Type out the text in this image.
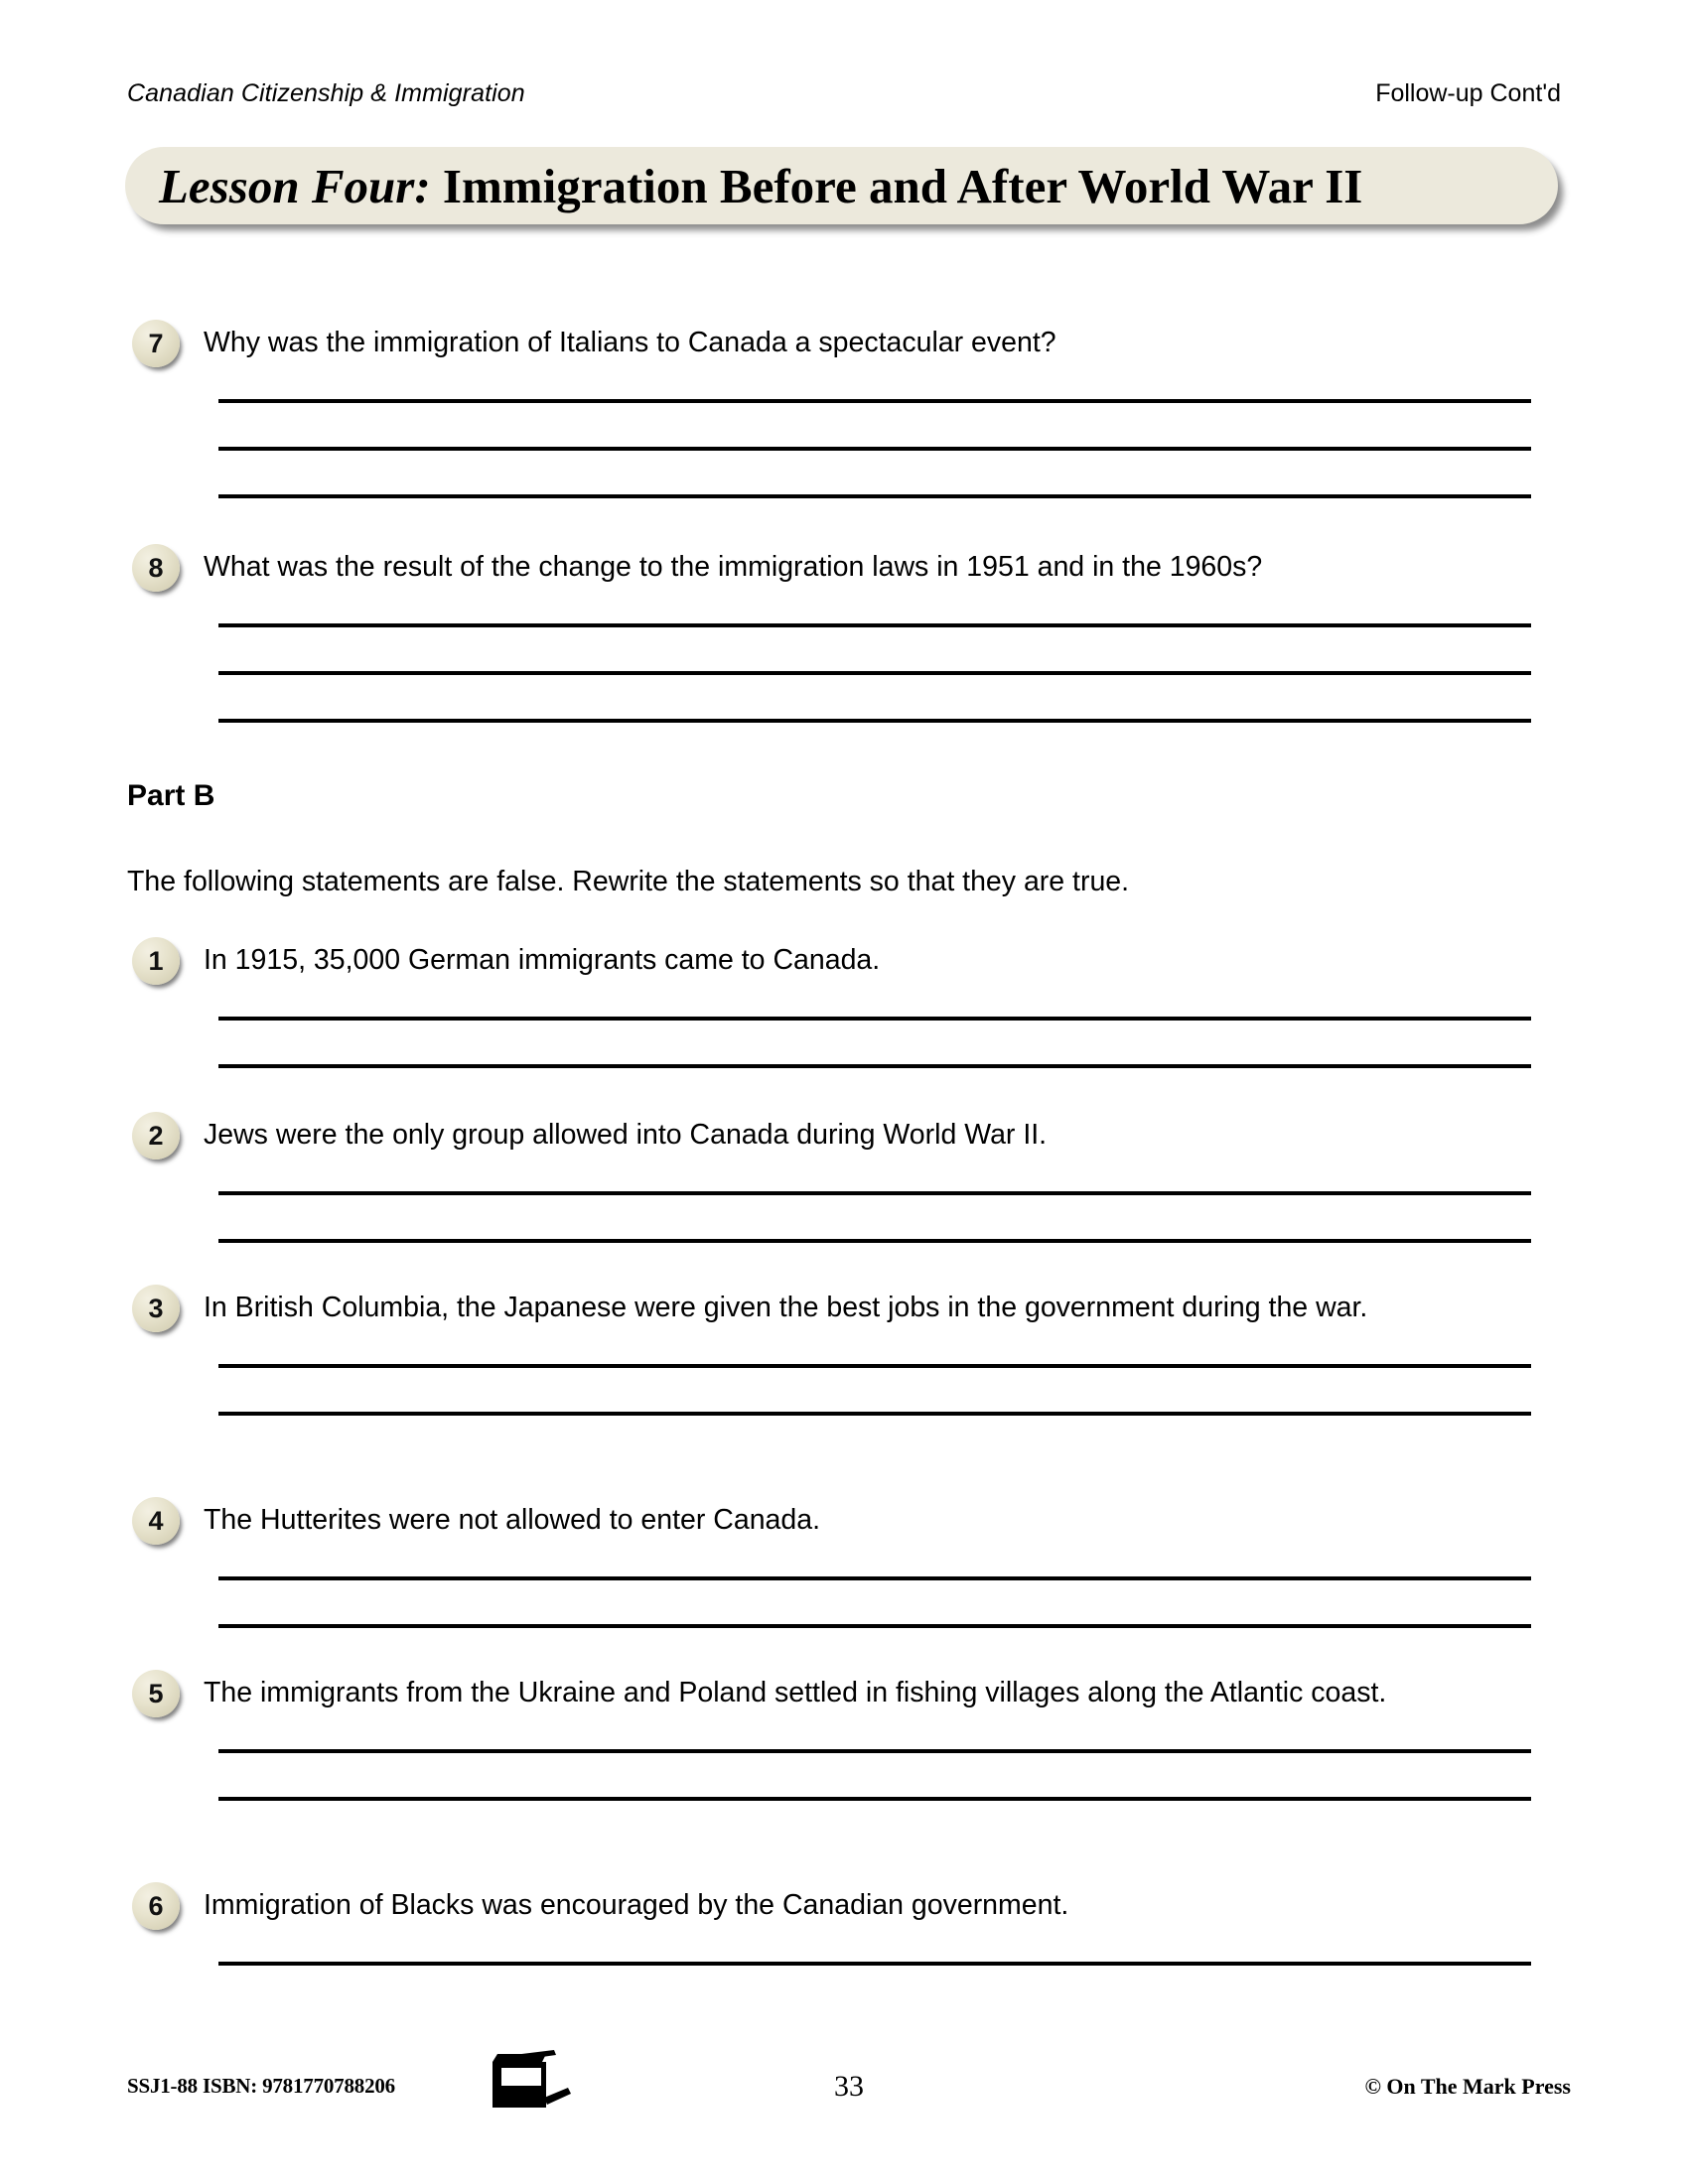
Canadian Citizenship & Immigration	Follow-up Cont'd
Lesson Four: Immigration Before and After World War II
7	Why was the immigration of Italians to Canada a spectacular event?
8	What was the result of the change to the immigration laws in 1951 and in the 1960s?
Part B
The following statements are false. Rewrite the statements so that they are true.
1	In 1915, 35,000 German immigrants came to Canada.
2	Jews were the only group allowed into Canada during World War II.
3	In British Columbia, the Japanese were given the best jobs in the government during the war.
4	The Hutterites were not allowed to enter Canada.
5	The immigrants from the Ukraine and Poland settled in fishing villages along the Atlantic coast.
6	Immigration of Blacks was encouraged by the Canadian government.
SSJ1-88 ISBN: 9781770788206	33	© On The Mark Press
